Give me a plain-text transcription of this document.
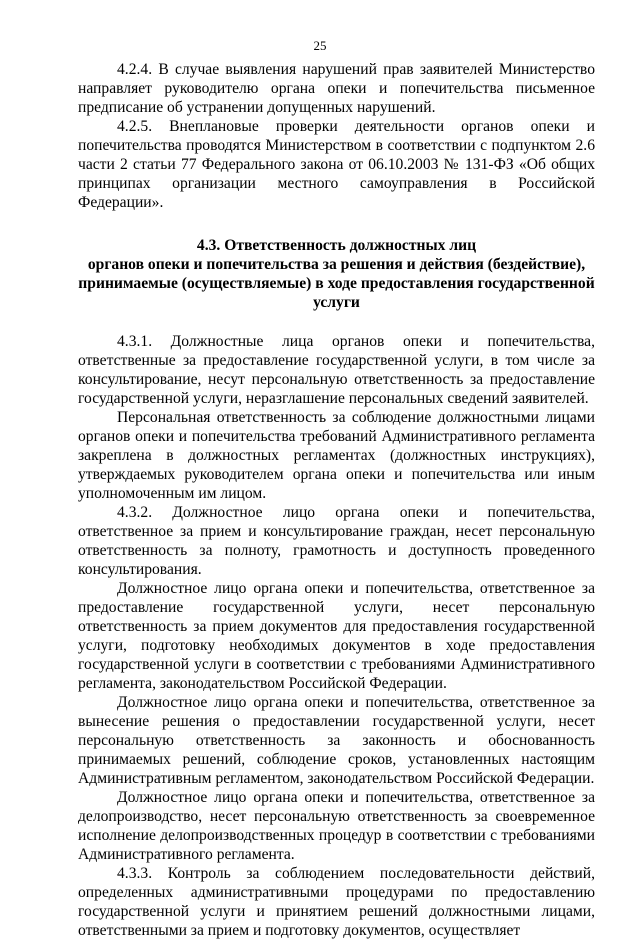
25

4.2.4. В случае выявления нарушений прав заявителей Министерство направляет руководителю органа опеки и попечительства письменное предписание об устранении допущенных нарушений.

4.2.5. Внеплановые проверки деятельности органов опеки и попечительства проводятся Министерством в соответствии с подпунктом 2.6 части 2 статьи 77 Федерального закона от 06.10.2003 № 131-ФЗ «Об общих принципах организации местного самоуправления в Российской Федерации».

4.3. Ответственность должностных лиц
органов опеки и попечительства за решения и действия (бездействие),
принимаемые (осуществляемые) в ходе предоставления государственной
услуги

4.3.1. Должностные лица органов опеки и попечительства, ответственные за предоставление государственной услуги, в том числе за консультирование, несут персональную ответственность за предоставление государственной услуги, неразглашение персональных сведений заявителей.

Персональная ответственность за соблюдение должностными лицами органов опеки и попечительства требований Административного регламента закреплена в должностных регламентах (должностных инструкциях), утверждаемых руководителем органа опеки и попечительства или иным уполномоченным им лицом.

4.3.2. Должностное лицо органа опеки и попечительства, ответственное за прием и консультирование граждан, несет персональную ответственность за полноту, грамотность и доступность проведенного консультирования.

Должностное лицо органа опеки и попечительства, ответственное за предоставление государственной услуги, несет персональную ответственность за прием документов для предоставления государственной услуги, подготовку необходимых документов в ходе предоставления государственной услуги в соответствии с требованиями Административного регламента, законодательством Российской Федерации.

Должностное лицо органа опеки и попечительства, ответственное за вынесение решения о предоставлении государственной услуги, несет персональную ответственность за законность и обоснованность принимаемых решений, соблюдение сроков, установленных настоящим Административным регламентом, законодательством Российской Федерации.

Должностное лицо органа опеки и попечительства, ответственное за делопроизводство, несет персональную ответственность за своевременное исполнение делопроизводственных процедур в соответствии с требованиями Административного регламента.

4.3.3. Контроль за соблюдением последовательности действий, определенных административными процедурами по предоставлению государственной услуги и принятием решений должностными лицами, ответственными за прием и подготовку документов, осуществляет
